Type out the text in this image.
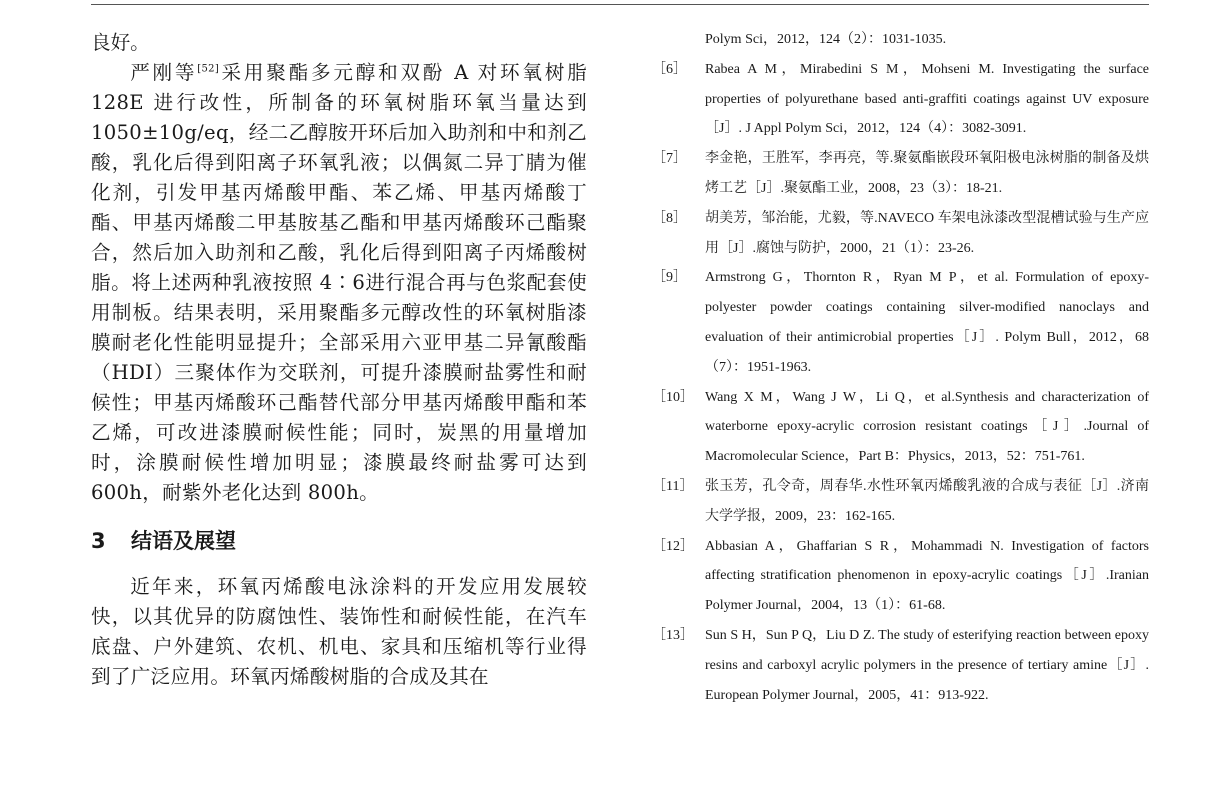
良好。

严刚等[52]采用聚酯多元醇和双酚 A 对环氧树脂 128E 进行改性，所制备的环氧树脂环氧当量达到 1050±10g/eq，经二乙醇胺开环后加入助剂和中和剂乙酸，乳化后得到阳离子环氧乳液；以偶氮二异丁腈为催化剂，引发甲基丙烯酸甲酯、苯乙烯、甲基丙烯酸丁酯、甲基丙烯酸二甲基胺基乙酯和甲基丙烯酸环己酯聚合，然后加入助剂和乙酸，乳化后得到阳离子丙烯酸树脂。将上述两种乳液按照 4∶6进行混合再与色浆配套使用制板。结果表明，采用聚酯多元醇改性的环氧树脂漆膜耐老化性能明显提升；全部采用六亚甲基二异氰酸酯（HDI）三聚体作为交联剂，可提升漆膜耐盐雾性和耐候性；甲基丙烯酸环己酯替代部分甲基丙烯酸甲酯和苯乙烯，可改进漆膜耐候性能；同时，炭黑的用量增加时，涂膜耐候性增加明显；漆膜最终耐盐雾可达到 600h，耐紫外老化达到 800h。

3 结语及展望

近年来，环氧丙烯酸电泳涂料的开发应用发展较快，以其优异的防腐蚀性、装饰性和耐候性能，在汽车底盘、户外建筑、农机、机电、家具和压缩机等行业得到了广泛应用。环氧丙烯酸树脂的合成及其在

Polym Sci，2012，124（2）：1031-1035.
［6］	Rabea A M，Mirabedini S M，Mohseni M. Investigating the surface properties of polyurethane based anti-graffiti coatings against UV exposure［J］. J Appl Polym Sci，2012，124（4）：3082-3091.
［7］	李金艳，王胜军，李再亮，等.聚氨酯嵌段环氧阳极电泳树脂的制备及烘烤工艺［J］.聚氨酯工业，2008，23（3）：18-21.
［8］	胡美芳，邹治能，尤毅，等.NAVECO 车架电泳漆改型混槽试验与生产应用［J］.腐蚀与防护，2000，21（1）：23-26.
［9］	Armstrong G，Thornton R，Ryan M P，et al. Formulation of epoxy-polyester powder coatings containing silver-modified nanoclays and evaluation of their antimicrobial properties［J］. Polym Bull，2012，68（7）：1951-1963.
［10］ Wang X M，Wang J W，Li Q，et al.Synthesis and characterization of waterborne epoxy-acrylic corrosion resistant coatings［J］.Journal of Macromolecular Science，Part B：Physics，2013，52：751-761.
［11］ 张玉芳，孔令奇，周春华.水性环氧丙烯酸乳液的合成与表征［J］.济南大学学报，2009，23：162-165.
［12］ Abbasian A，Ghaffarian S R，Mohammadi N. Investigation of factors affecting stratification phenomenon in epoxy-acrylic coatings［J］.Iranian Polymer Journal，2004，13（1）：61-68.
［13］ Sun S H，Sun P Q，Liu D Z. The study of esterifying reaction between epoxy resins and carboxyl acrylic polymers in the presence of tertiary amine［J］. European Polymer Journal，2005，41：913-922.
